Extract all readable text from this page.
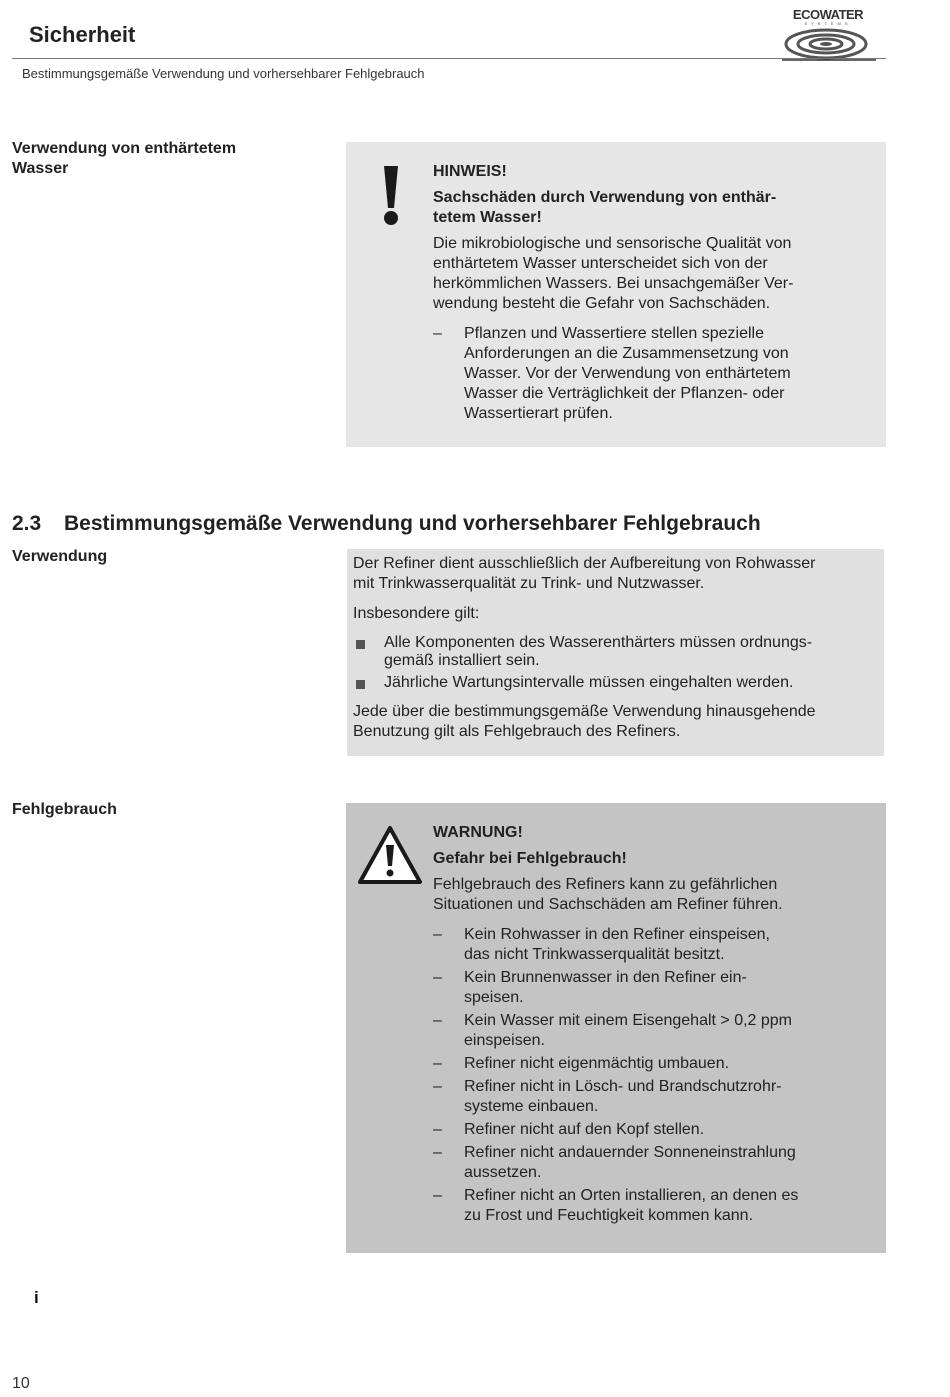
Sicherheit
ECOWATER
SYSTEMS
Bestimmungsgemäße Verwendung und vorhersehbarer Fehlgebrauch
Verwendung von enthärtetem
Wasser	HINWEIS!
Sachschäden durch Verwendung von enthär-
tetem Wasser!
Die mikrobiologische und sensorische Qualität von
enthärtetem Wasser unterscheidet sich von der
herkömmlichen Wassers. Bei unsachgemäßer Ver-
wendung besteht die Gefahr von Sachschäden.
– Pflanzen und Wassertiere stellen spezielle
Anforderungen an die Zusammensetzung von
Wasser. Vor der Verwendung von enthärtetem
Wasser die Verträglichkeit der Pflanzen- oder
Wassertierart prüfen.
2.3 Bestimmungsgemäße Verwendung und vorhersehbarer Fehlgebrauch
Verwendung	Der Refiner dient ausschließlich der Aufbereitung von Rohwasser
mit Trinkwasserqualität zu Trink- und Nutzwasser.
Insbesondere gilt:
Alle Komponenten des Wasserenthärters müssen ordnungs-
gemäß installiert sein.
Jährliche Wartungsintervalle müssen eingehalten werden.
Jede über die bestimmungsgemäße Verwendung hinausgehende
Benutzung gilt als Fehlgebrauch des Refiners.
Fehlgebrauch
WARNUNG!
Gefahr bei Fehlgebrauch!
Fehlgebrauch des Refiners kann zu gefährlichen
Situationen und Sachschäden am Refiner führen.
– Kein Rohwasser in den Refiner einspeisen,
das nicht Trinkwasserqualität besitzt.
– Kein Brunnenwasser in den Refiner ein-
speisen.
– Kein Wasser mit einem Eisengehalt > 0,2 ppm
einspeisen.
– Refiner nicht eigenmächtig umbauen.
– Refiner nicht in Lösch- und Brandschutzrohr-
systeme einbauen.
– Refiner nicht auf den Kopf stellen.
– Refiner nicht andauernder Sonneneinstrahlung
aussetzen.
– Refiner nicht an Orten installieren, an denen es
zu Frost und Feuchtigkeit kommen kann.
i
10
